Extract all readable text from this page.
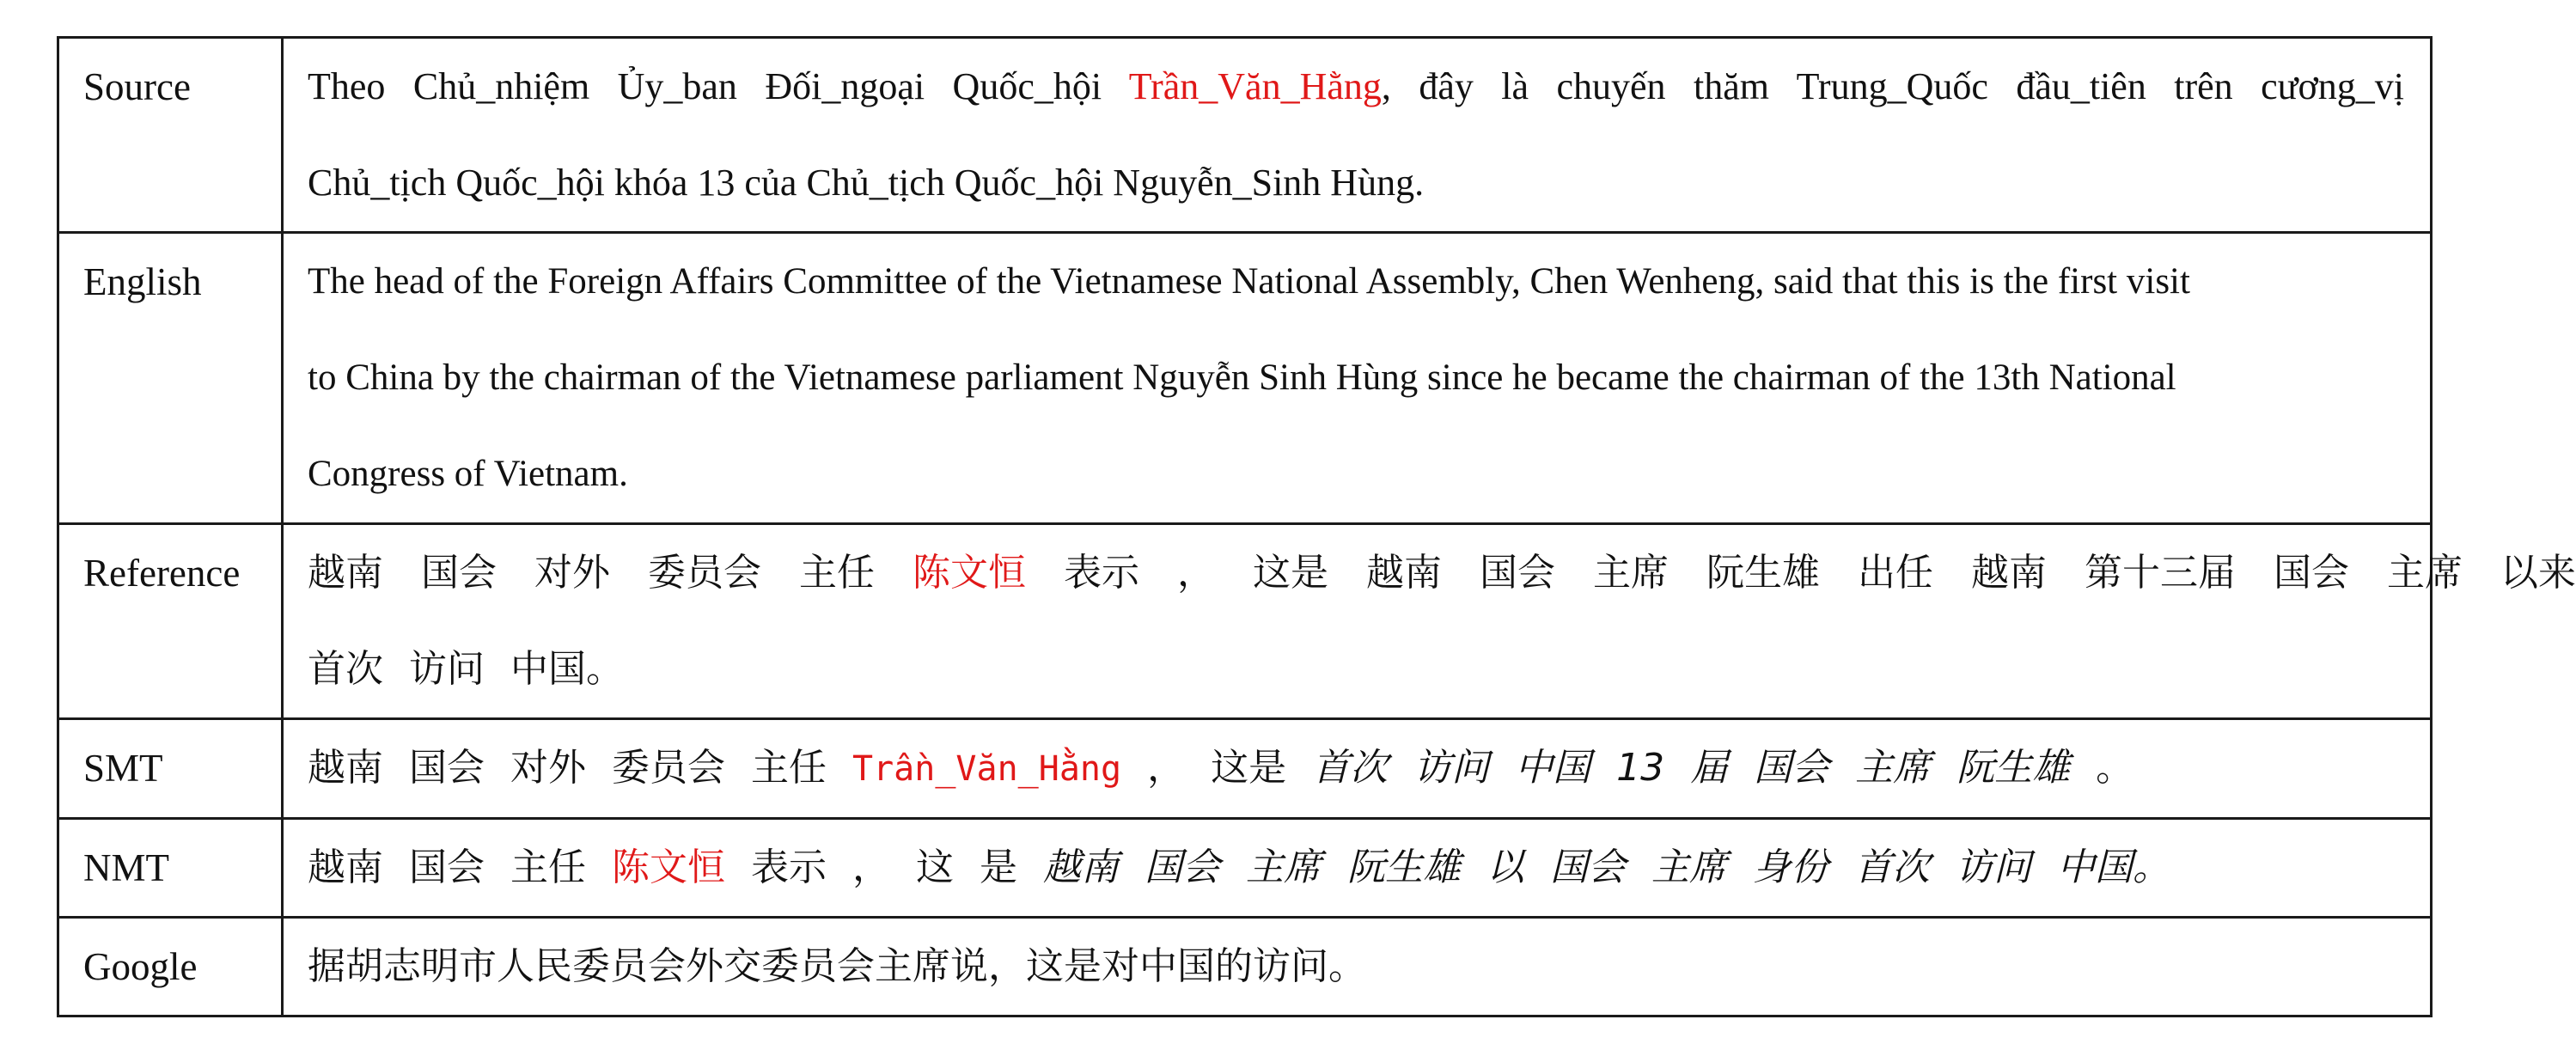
Source	Theo Chủ_nhiệm Ủy_ban Đối_ngoại Quốc_hội Trần_Văn_Hằng, đây là chuyến thăm Trung_Quốc đầu_tiên trên cương_vị
Chủ_tịch Quốc_hội khóa 13 của Chủ_tịch Quốc_hội Nguyễn_Sinh Hùng.

English	The head of the Foreign Affairs Committee of the Vietnamese National Assembly, Chen Wenheng, said that this is the first visit
to China by the chairman of the Vietnamese parliament Nguyễn Sinh Hùng since he became the chairman of the 13th National
Congress of Vietnam.

Reference	越南 国会 对外 委员会 主任 陈文恒 表示 ， 这是 越南 国会 主席 阮生雄 出任 越南 第十三届 国会 主席 以来
首次 访问 中国。

SMT	越南 国会 对外 委员会 主任 Trần_Văn_Hằng ， 这是 首次 访问 中国 13 届 国会 主席 阮生雄 。

NMT	越南 国会 主任 陈文恒 表示 ， 这 是 越南 国会 主席 阮生雄 以 国会 主席 身份 首次 访问 中国。

Google	据胡志明市人民委员会外交委员会主席说，这是对中国的访问。
